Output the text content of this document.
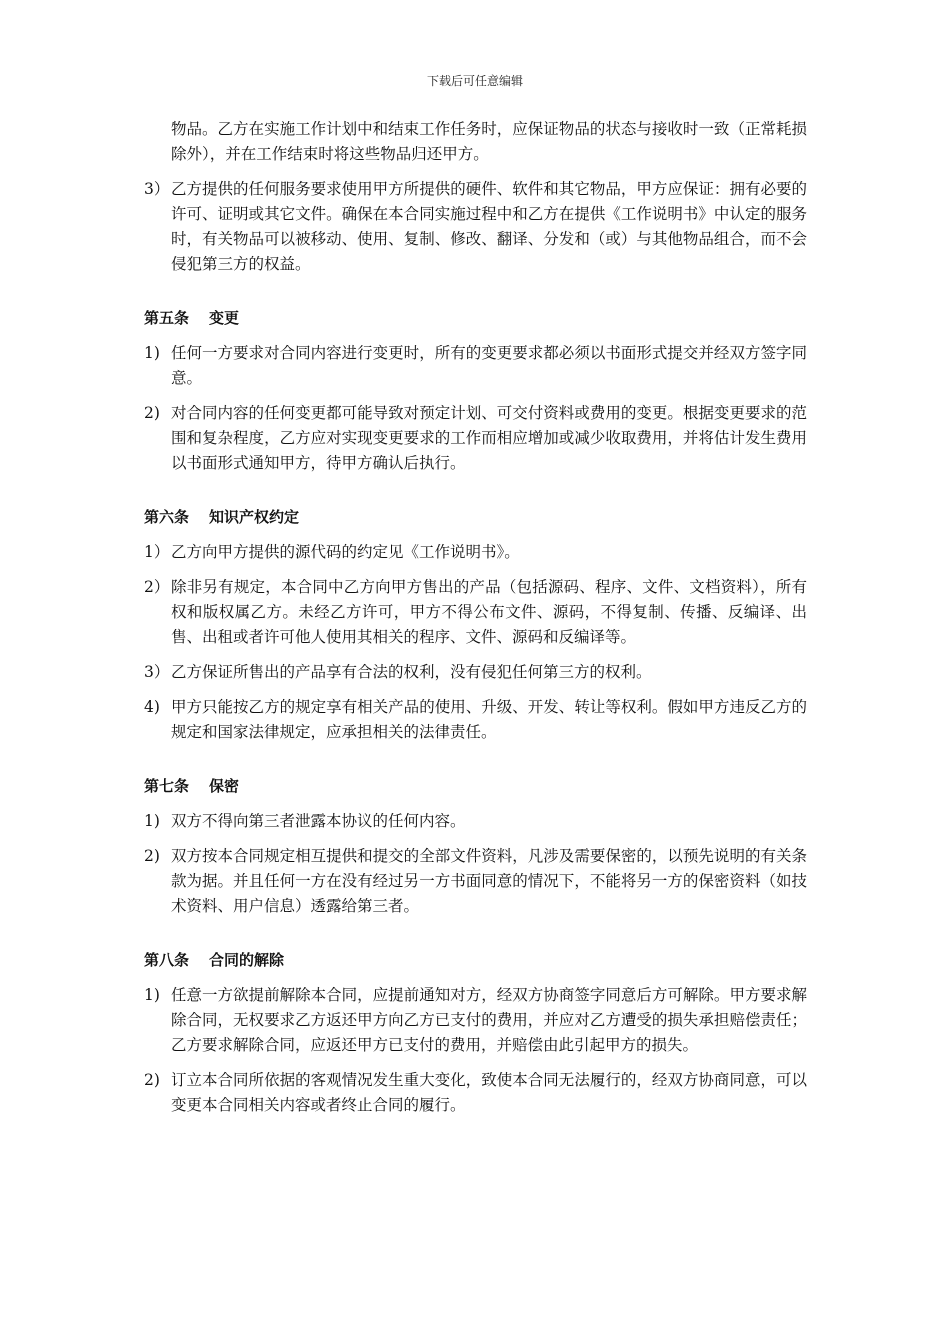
下载后可任意编辑

物品。乙方在实施工作计划中和结束工作任务时，应保证物品的状态与接收时一致（正常耗损除外），并在工作结束时将这些物品归还甲方。

3） 乙方提供的任何服务要求使用甲方所提供的硬件、软件和其它物品，甲方应保证：拥有必要的许可、证明或其它文件。确保在本合同实施过程中和乙方在提供《工作说明书》中认定的服务时，有关物品可以被移动、使用、复制、修改、翻译、分发和（或）与其他物品组合，而不会侵犯第三方的权益。
第五条 变更
1) 任何一方要求对合同内容进行变更时，所有的变更要求都必须以书面形式提交并经双方签字同意。
2) 对合同内容的任何变更都可能导致对预定计划、可交付资料或费用的变更。根据变更要求的范围和复杂程度，乙方应对实现变更要求的工作而相应增加或减少收取费用，并将估计发生费用以书面形式通知甲方，待甲方确认后执行。
第六条 知识产权约定
1） 乙方向甲方提供的源代码的约定见《工作说明书》。
2） 除非另有规定，本合同中乙方向甲方售出的产品（包括源码、程序、文件、文档资料），所有权和版权属乙方。未经乙方许可，甲方不得公布文件、源码，不得复制、传播、反编译、出售、出租或者许可他人使用其相关的程序、文件、源码和反编译等。
3） 乙方保证所售出的产品享有合法的权利，没有侵犯任何第三方的权利。
4) 甲方只能按乙方的规定享有相关产品的使用、升级、开发、转让等权利。假如甲方违反乙方的规定和国家法律规定，应承担相关的法律责任。
第七条 保密
1) 双方不得向第三者泄露本协议的任何内容。
2) 双方按本合同规定相互提供和提交的全部文件资料，凡涉及需要保密的，以预先说明的有关条款为据。并且任何一方在没有经过另一方书面同意的情况下，不能将另一方的保密资料（如技术资料、用户信息）透露给第三者。
第八条 合同的解除
1) 任意一方欲提前解除本合同，应提前通知对方，经双方协商签字同意后方可解除。甲方要求解除合同，无权要求乙方返还甲方向乙方已支付的费用，并应对乙方遭受的损失承担赔偿责任；乙方要求解除合同，应返还甲方已支付的费用，并赔偿由此引起甲方的损失。
2) 订立本合同所依据的客观情况发生重大变化，致使本合同无法履行的，经双方协商同意，可以变更本合同相关内容或者终止合同的履行。
